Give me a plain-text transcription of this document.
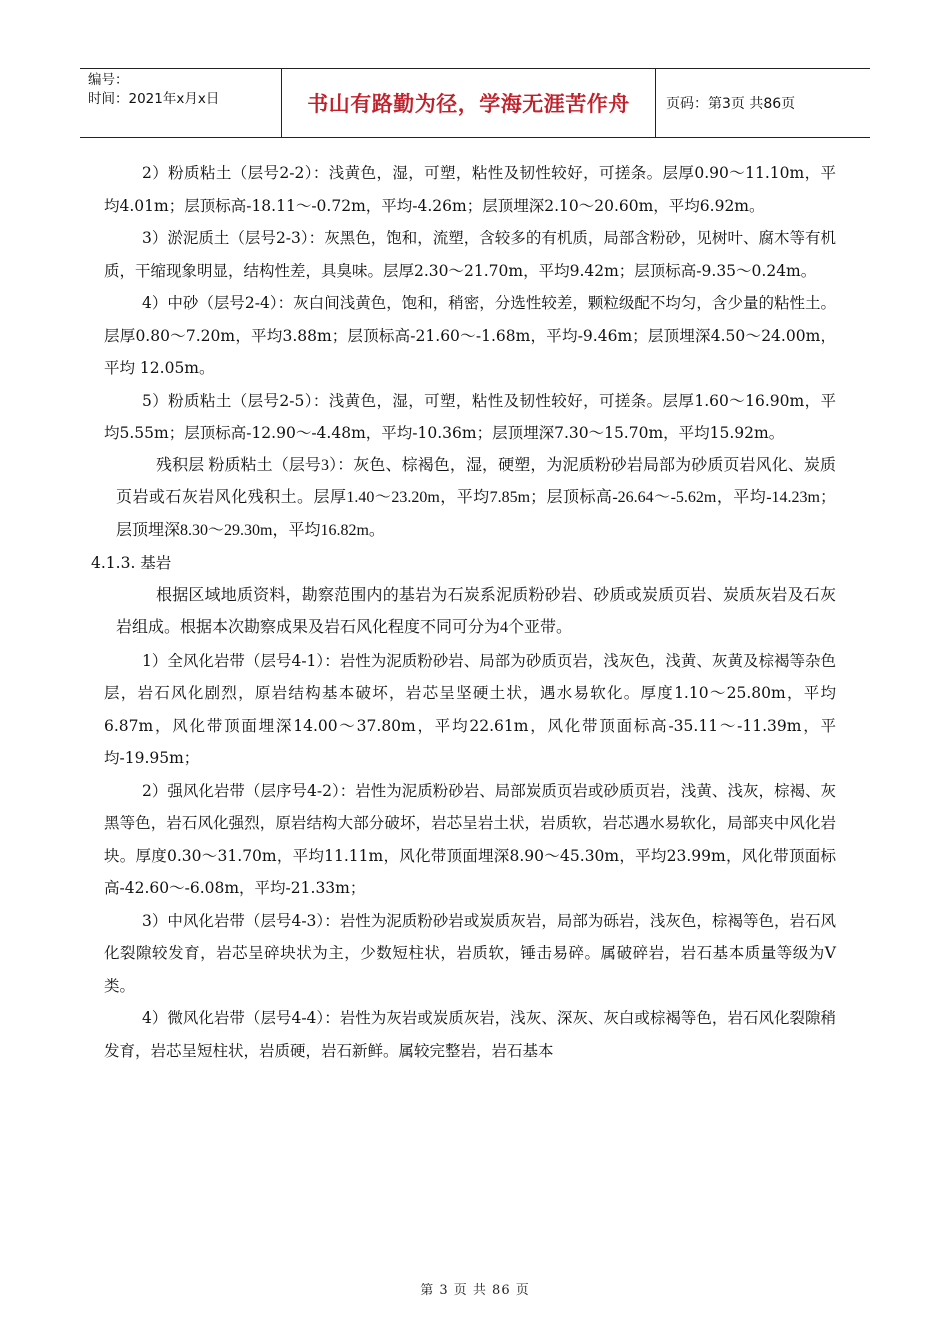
编号：
时间：2021年x月x日	书山有路勤为径，学海无涯苦作舟	页码：第3页 共86页

2）粉质粘土（层号2-2）：浅黄色，湿，可塑，粘性及韧性较好，可搓条。层厚0.90～11.10m，平均4.01m；层顶标高-18.11～-0.72m，平均-4.26m；层顶埋深2.10～20.60m，平均6.92m。

3）淤泥质土（层号2-3）：灰黑色，饱和，流塑，含较多的有机质，局部含粉砂，见树叶、腐木等有机质，干缩现象明显，结构性差，具臭味。层厚2.30～21.70m，平均9.42m；层顶标高-9.35～0.24m。

4）中砂（层号2-4）：灰白间浅黄色，饱和，稍密，分选性较差，颗粒级配不均匀，含少量的粘性土。层厚0.80～7.20m，平均3.88m；层顶标高-21.60～-1.68m，平均-9.46m；层顶埋深4.50～24.00m，平均 12.05m。

5）粉质粘土（层号2-5）：浅黄色，湿，可塑，粘性及韧性较好，可搓条。层厚1.60～16.90m，平均5.55m；层顶标高-12.90～-4.48m，平均-10.36m；层顶埋深7.30～15.70m，平均15.92m。

残积层 粉质粘土（层号3）：灰色、棕褐色，湿，硬塑，为泥质粉砂岩局部为砂质页岩风化、炭质页岩或石灰岩风化残积土。层厚1.40～23.20m，平均7.85m；层顶标高-26.64～-5.62m，平均-14.23m；层顶埋深8.30～29.30m，平均16.82m。

4.1.3. 基岩

根据区域地质资料，勘察范围内的基岩为石炭系泥质粉砂岩、砂质或炭质页岩、炭质灰岩及石灰岩组成。根据本次勘察成果及岩石风化程度不同可分为4个亚带。

1）全风化岩带（层号4-1）：岩性为泥质粉砂岩、局部为砂质页岩，浅灰色，浅黄、灰黄及棕褐等杂色层，岩石风化剧烈，原岩结构基本破坏，岩芯呈坚硬土状，遇水易软化。厚度1.10～25.80m，平均6.87m，风化带顶面埋深14.00～37.80m，平均22.61m，风化带顶面标高-35.11～-11.39m，平均-19.95m；

2）强风化岩带（层序号4-2）：岩性为泥质粉砂岩、局部炭质页岩或砂质页岩，浅黄、浅灰，棕褐、灰黑等色，岩石风化强烈，原岩结构大部分破坏，岩芯呈岩土状，岩质软，岩芯遇水易软化，局部夹中风化岩块。厚度0.30～31.70m，平均11.11m，风化带顶面埋深8.90～45.30m，平均23.99m，风化带顶面标高-42.60～-6.08m，平均-21.33m；

3）中风化岩带（层号4-3）：岩性为泥质粉砂岩或炭质灰岩，局部为砾岩，浅灰色，棕褐等色，岩石风化裂隙较发育，岩芯呈碎块状为主，少数短柱状，岩质软，锤击易碎。属破碎岩，岩石基本质量等级为Ⅴ类。

4）微风化岩带（层号4-4）：岩性为灰岩或炭质灰岩，浅灰、深灰、灰白或棕褐等色，岩石风化裂隙稍发育，岩芯呈短柱状，岩质硬，岩石新鲜。属较完整岩，岩石基本

第 3 页 共 86 页
